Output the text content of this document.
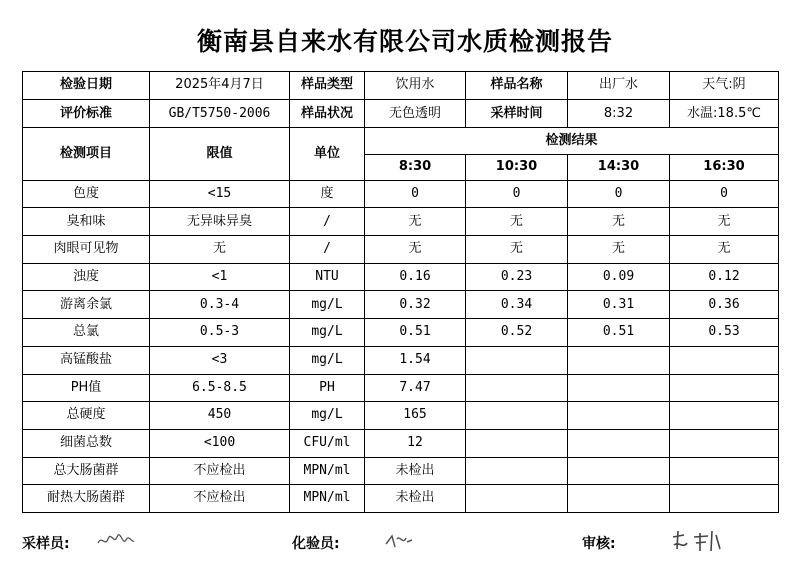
衡南县自来水有限公司水质检测报告
检验日期	2025年4月7日	样品类型	饮用水	样品名称	出厂水	天气:阴
评价标准	GB/T5750-2006	样品状况	无色透明	采样时间	8:32	水温:18.5℃
检测项目	限值	单位	检测结果			
			8:30	10:30	14:30	16:30
色度	<15	度	0	0	0	0
臭和味	无异味异臭	/	无	无	无	无
肉眼可见物	无	/	无	无	无	无
浊度	<1	NTU	0.16	0.23	0.09	0.12
游离余氯	0.3-4	mg/L	0.32	0.34	0.31	0.36
总氯	0.5-3	mg/L	0.51	0.52	0.51	0.53
高锰酸盐	<3	mg/L	1.54			
PH值	6.5-8.5	PH	7.47			
总硬度	450	mg/L	165			
细菌总数	<100	CFU/ml	12			
总大肠菌群	不应检出	MPN/ml	未检出			
耐热大肠菌群	不应检出	MPN/ml	未检出			
采样员:	化验员:	审核:
